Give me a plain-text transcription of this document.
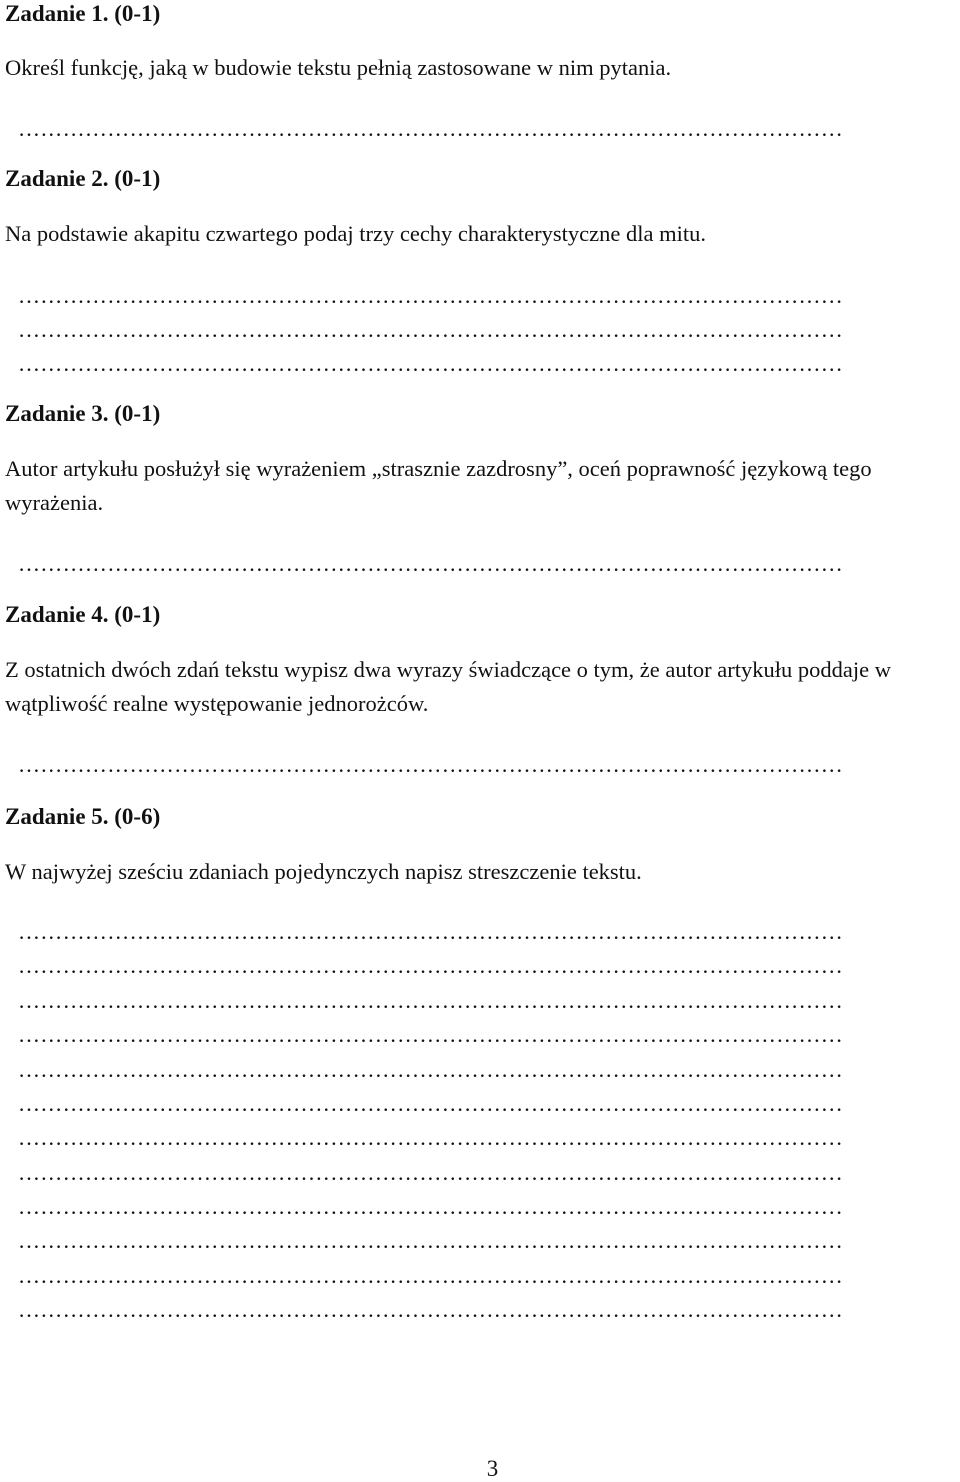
Zadanie 1. (0-1)
Określ funkcję, jaką w budowie tekstu pełnią zastosowane w nim pytania.
…………………………………………………………………………………………………
Zadanie 2. (0-1)
Na podstawie akapitu czwartego podaj trzy cechy charakterystyczne dla mitu.
…………………………………………………………………………………………………
…………………………………………………………………………………………………
…………………………………………………………………………………………………
Zadanie 3. (0-1)
Autor artykułu posłużył się wyrażeniem „strasznie zazdrosny”, oceń poprawność językową tego wyrażenia.
…………………………………………………………………………………………………
Zadanie 4. (0-1)
Z ostatnich dwóch zdań tekstu wypisz dwa wyrazy świadczące o tym, że autor artykułu poddaje w wątpliwość realne występowanie jednorożców.
…………………………………………………………………………………………………
Zadanie 5. (0-6)
W najwyżej sześciu zdaniach pojedynczych napisz streszczenie tekstu.
…………………………………………………………………………………………………
…………………………………………………………………………………………………
…………………………………………………………………………………………………
…………………………………………………………………………………………………
…………………………………………………………………………………………………
…………………………………………………………………………………………………
…………………………………………………………………………………………………
…………………………………………………………………………………………………
…………………………………………………………………………………………………
…………………………………………………………………………………………………
…………………………………………………………………………………………………
…………………………………………………………………………………………………
3
